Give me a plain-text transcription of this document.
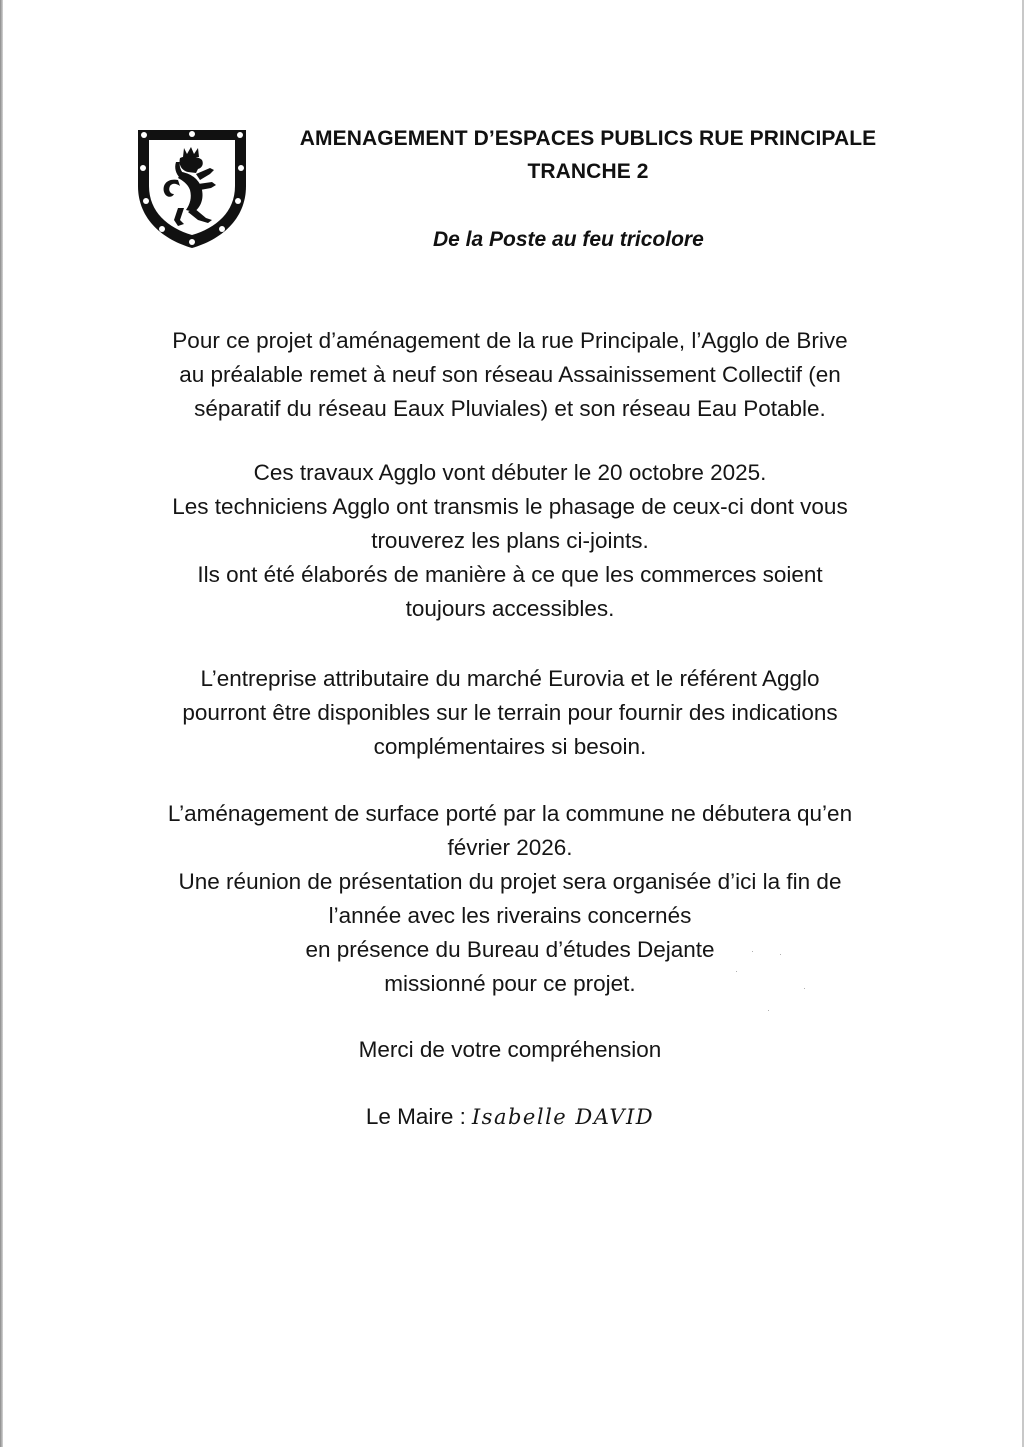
AMENAGEMENT D’ESPACES PUBLICS RUE PRINCIPALE
TRANCHE 2
De la Poste au feu tricolore

Pour ce projet d’aménagement de la rue Principale, l’Agglo de Brive

au préalable remet à neuf son réseau Assainissement Collectif (en

séparatif du réseau Eaux Pluviales) et son réseau Eau Potable.

Ces travaux Agglo vont débuter le 20 octobre 2025.

Les techniciens Agglo ont transmis le phasage de ceux-ci dont vous

trouverez les plans ci-joints.

Ils ont été élaborés de manière à ce que les commerces soient

toujours accessibles.

L’entreprise attributaire du marché Eurovia et le référent Agglo

pourront être disponibles sur le terrain pour fournir des indications

complémentaires si besoin.

L’aménagement de surface porté par la commune ne débutera qu’en

février 2026.

Une réunion de présentation du projet sera organisée d’ici la fin de

l’année avec les riverains concernés

en présence du Bureau d’études Dejante

missionné pour ce projet.

Merci de votre compréhension
Le Maire : Isabelle DAVID
